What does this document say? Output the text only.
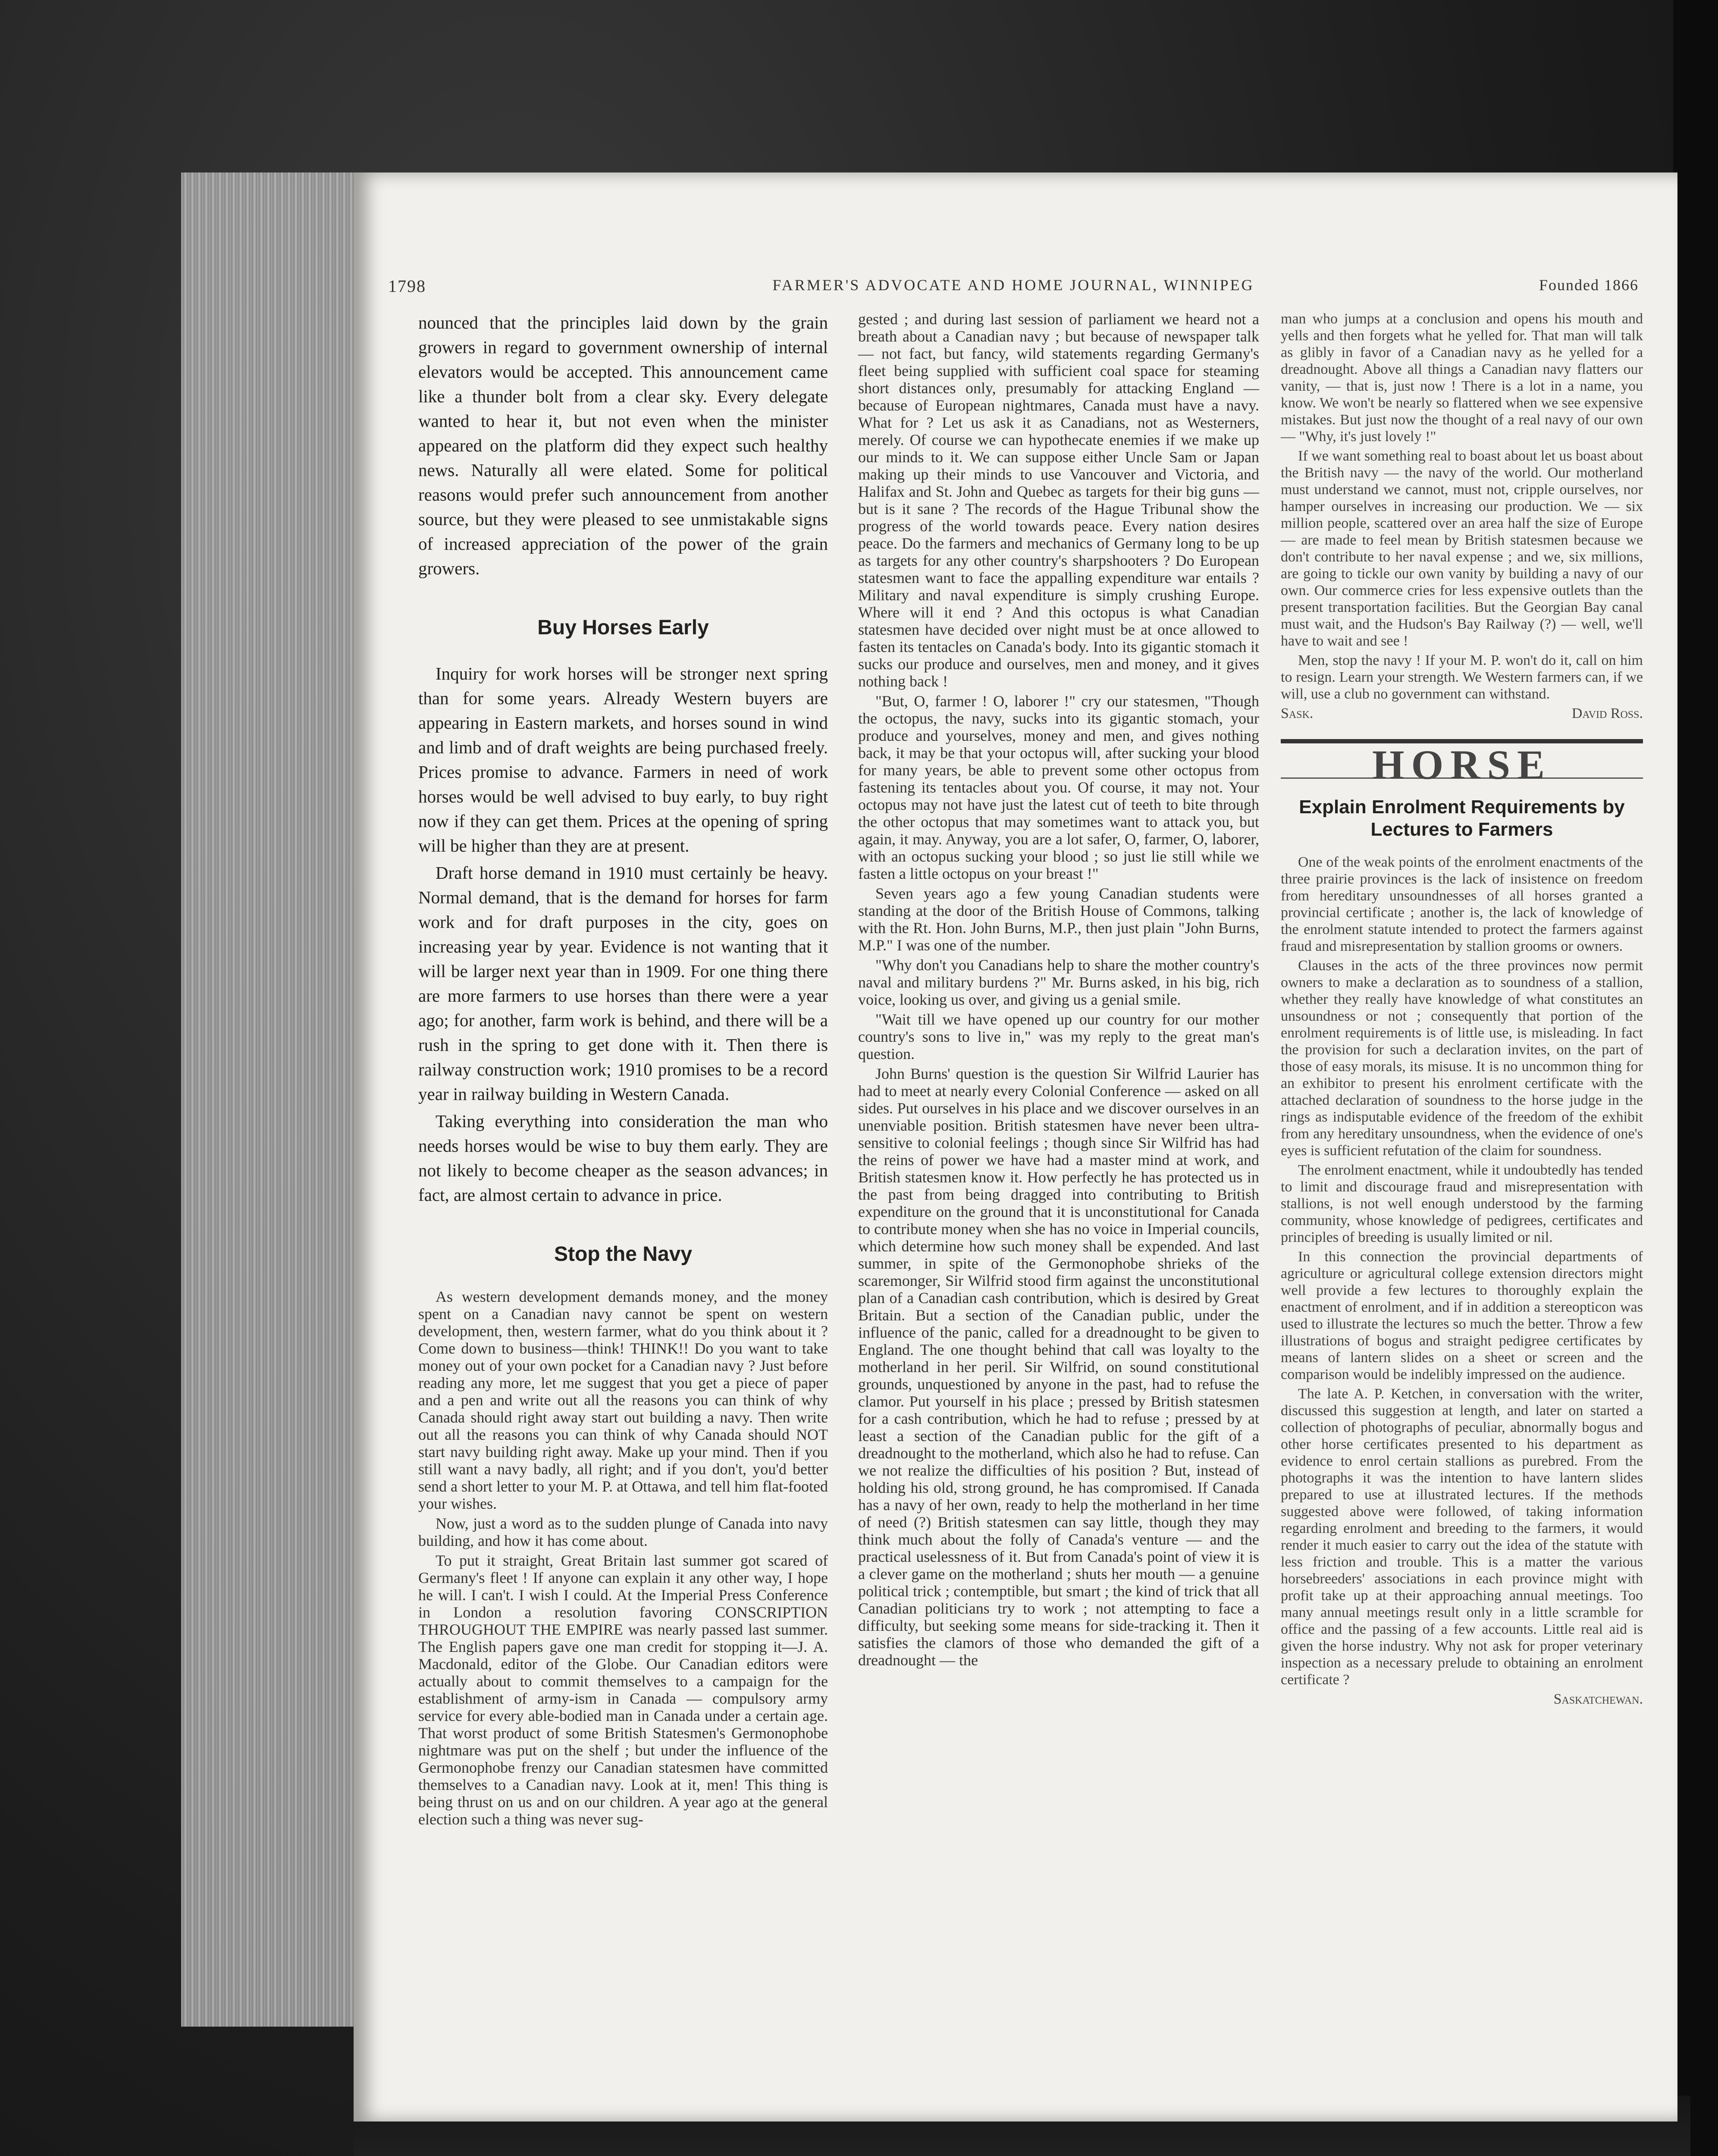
1798	FARMER'S ADVOCATE AND HOME JOURNAL, WINNIPEG	Founded 1866

nounced that the principles laid down by the grain growers in regard to government ownership of internal elevators would be accepted. This announcement came like a thunder bolt from a clear sky. Every delegate wanted to hear it, but not even when the minister appeared on the platform did they expect such healthy news. Naturally all were elated. Some for political reasons would prefer such announcement from another source, but they were pleased to see unmistakable signs of increased appreciation of the power of the grain growers.

Buy Horses Early

Inquiry for work horses will be stronger next spring than for some years. Already Western buyers are appearing in Eastern markets, and horses sound in wind and limb and of draft weights are being purchased freely. Prices promise to advance. Farmers in need of work horses would be well advised to buy early, to buy right now if they can get them. Prices at the opening of spring will be higher than they are at present.

Draft horse demand in 1910 must certainly be heavy. Normal demand, that is the demand for horses for farm work and for draft purposes in the city, goes on increasing year by year. Evidence is not wanting that it will be larger next year than in 1909. For one thing there are more farmers to use horses than there were a year ago; for another, farm work is behind, and there will be a rush in the spring to get done with it. Then there is railway construction work; 1910 promises to be a record year in railway building in Western Canada.

Taking everything into consideration the man who needs horses would be wise to buy them early. They are not likely to become cheaper as the season advances; in fact, are almost certain to advance in price.

Stop the Navy

As western development demands money, and the money spent on a Canadian navy cannot be spent on western development, then, western farmer, what do you think about it ? Come down to business—think! THINK!! Do you want to take money out of your own pocket for a Canadian navy ? Just before reading any more, let me suggest that you get a piece of paper and a pen and write out all the reasons you can think of why Canada should right away start out building a navy. Then write out all the reasons you can think of why Canada should NOT start navy building right away. Make up your mind. Then if you still want a navy badly, all right; and if you don't, you'd better send a short letter to your M. P. at Ottawa, and tell him flat-footed your wishes.

Now, just a word as to the sudden plunge of Canada into navy building, and how it has come about.

To put it straight, Great Britain last summer got scared of Germany's fleet ! If anyone can explain it any other way, I hope he will. I can't. I wish I could. At the Imperial Press Conference in London a resolution favoring CONSCRIPTION THROUGHOUT THE EMPIRE was nearly passed last summer. The English papers gave one man credit for stopping it—J. A. Macdonald, editor of the Globe. Our Canadian editors were actually about to commit themselves to a campaign for the establishment of army-ism in Canada — compulsory army service for every able-bodied man in Canada under a certain age. That worst product of some British Statesmen's Germonophobe nightmare was put on the shelf ; but under the influence of the Germonophobe frenzy our Canadian statesmen have committed themselves to a Canadian navy. Look at it, men! This thing is being thrust on us and on our children. A year ago at the general election such a thing was never sug-

gested ; and during last session of parliament we heard not a breath about a Canadian navy ; but because of newspaper talk — not fact, but fancy, wild statements regarding Germany's fleet being supplied with sufficient coal space for steaming short distances only, presumably for attacking England — because of European nightmares, Canada must have a navy. What for ? Let us ask it as Canadians, not as Westerners, merely. Of course we can hypothecate enemies if we make up our minds to it. We can suppose either Uncle Sam or Japan making up their minds to use Vancouver and Victoria, and Halifax and St. John and Quebec as targets for their big guns — but is it sane ? The records of the Hague Tribunal show the progress of the world towards peace. Every nation desires peace. Do the farmers and mechanics of Germany long to be up as targets for any other country's sharpshooters ? Do European statesmen want to face the appalling expenditure war entails ? Military and naval expenditure is simply crushing Europe. Where will it end ? And this octopus is what Canadian statesmen have decided over night must be at once allowed to fasten its tentacles on Canada's body. Into its gigantic stomach it sucks our produce and ourselves, men and money, and it gives nothing back !

"But, O, farmer ! O, laborer !" cry our statesmen, "Though the octopus, the navy, sucks into its gigantic stomach, your produce and yourselves, money and men, and gives nothing back, it may be that your octopus will, after sucking your blood for many years, be able to prevent some other octopus from fastening its tentacles about you. Of course, it may not. Your octopus may not have just the latest cut of teeth to bite through the other octopus that may sometimes want to attack you, but again, it may. Anyway, you are a lot safer, O, farmer, O, laborer, with an octopus sucking your blood ; so just lie still while we fasten a little octopus on your breast !"

Seven years ago a few young Canadian students were standing at the door of the British House of Commons, talking with the Rt. Hon. John Burns, M.P., then just plain "John Burns, M.P." I was one of the number.

"Why don't you Canadians help to share the mother country's naval and military burdens ?" Mr. Burns asked, in his big, rich voice, looking us over, and giving us a genial smile.

"Wait till we have opened up our country for our mother country's sons to live in," was my reply to the great man's question.

John Burns' question is the question Sir Wilfrid Laurier has had to meet at nearly every Colonial Conference — asked on all sides. Put ourselves in his place and we discover ourselves in an unenviable position. British statesmen have never been ultra-sensitive to colonial feelings ; though since Sir Wilfrid has had the reins of power we have had a master mind at work, and British statesmen know it. How perfectly he has protected us in the past from being dragged into contributing to British expenditure on the ground that it is unconstitutional for Canada to contribute money when she has no voice in Imperial councils, which determine how such money shall be expended. And last summer, in spite of the Germonophobe shrieks of the scaremonger, Sir Wilfrid stood firm against the unconstitutional plan of a Canadian cash contribution, which is desired by Great Britain. But a section of the Canadian public, under the influence of the panic, called for a dreadnought to be given to England. The one thought behind that call was loyalty to the motherland in her peril. Sir Wilfrid, on sound constitutional grounds, unquestioned by anyone in the past, had to refuse the clamor. Put yourself in his place ; pressed by British statesmen for a cash contribution, which he had to refuse ; pressed by at least a section of the Canadian public for the gift of a dreadnought to the motherland, which also he had to refuse. Can we not realize the difficulties of his position ? But, instead of holding his old, strong ground, he has compromised. If Canada has a navy of her own, ready to help the motherland in her time of need (?) British statesmen can say little, though they may think much about the folly of Canada's venture — and the practical uselessness of it. But from Canada's point of view it is a clever game on the motherland ; shuts her mouth — a genuine political trick ; contemptible, but smart ; the kind of trick that all Canadian politicians try to work ; not attempting to face a difficulty, but seeking some means for side-tracking it. Then it satisfies the clamors of those who demanded the gift of a dreadnought — the

man who jumps at a conclusion and opens his mouth and yells and then forgets what he yelled for. That man will talk as glibly in favor of a Canadian navy as he yelled for a dreadnought. Above all things a Canadian navy flatters our vanity, — that is, just now ! There is a lot in a name, you know. We won't be nearly so flattered when we see expensive mistakes. But just now the thought of a real navy of our own — "Why, it's just lovely !"

If we want something real to boast about let us boast about the British navy — the navy of the world. Our motherland must understand we cannot, must not, cripple ourselves, nor hamper ourselves in increasing our production. We — six million people, scattered over an area half the size of Europe — are made to feel mean by British statesmen because we don't contribute to her naval expense ; and we, six millions, are going to tickle our own vanity by building a navy of our own. Our commerce cries for less expensive outlets than the present transportation facilities. But the Georgian Bay canal must wait, and the Hudson's Bay Railway (?) — well, we'll have to wait and see !

Men, stop the navy ! If your M. P. won't do it, call on him to resign. Learn your strength. We Western farmers can, if we will, use a club no government can withstand.

Sask.	David Ross.
HORSE
Explain Enrolment Requirements by Lectures to Farmers

One of the weak points of the enrolment enactments of the three prairie provinces is the lack of insistence on freedom from hereditary unsoundnesses of all horses granted a provincial certificate ; another is, the lack of knowledge of the enrolment statute intended to protect the farmers against fraud and misrepresentation by stallion grooms or owners.

Clauses in the acts of the three provinces now permit owners to make a declaration as to soundness of a stallion, whether they really have knowledge of what constitutes an unsoundness or not ; consequently that portion of the enrolment requirements is of little use, is misleading. In fact the provision for such a declaration invites, on the part of those of easy morals, its misuse. It is no uncommon thing for an exhibitor to present his enrolment certificate with the attached declaration of soundness to the horse judge in the rings as indisputable evidence of the freedom of the exhibit from any hereditary unsoundness, when the evidence of one's eyes is sufficient refutation of the claim for soundness.

The enrolment enactment, while it undoubtedly has tended to limit and discourage fraud and misrepresentation with stallions, is not well enough understood by the farming community, whose knowledge of pedigrees, certificates and principles of breeding is usually limited or nil.

In this connection the provincial departments of agriculture or agricultural college extension directors might well provide a few lectures to thoroughly explain the enactment of enrolment, and if in addition a stereopticon was used to illustrate the lectures so much the better. Throw a few illustrations of bogus and straight pedigree certificates by means of lantern slides on a sheet or screen and the comparison would be indelibly impressed on the audience.

The late A. P. Ketchen, in conversation with the writer, discussed this suggestion at length, and later on started a collection of photographs of peculiar, abnormally bogus and other horse certificates presented to his department as evidence to enrol certain stallions as purebred. From the photographs it was the intention to have lantern slides prepared to use at illustrated lectures. If the methods suggested above were followed, of taking information regarding enrolment and breeding to the farmers, it would render it much easier to carry out the idea of the statute with less friction and trouble. This is a matter the various horsebreeders' associations in each province might with profit take up at their approaching annual meetings. Too many annual meetings result only in a little scramble for office and the passing of a few accounts. Little real aid is given the horse industry. Why not ask for proper veterinary inspection as a necessary prelude to obtaining an enrolment certificate ?

Saskatchewan.
